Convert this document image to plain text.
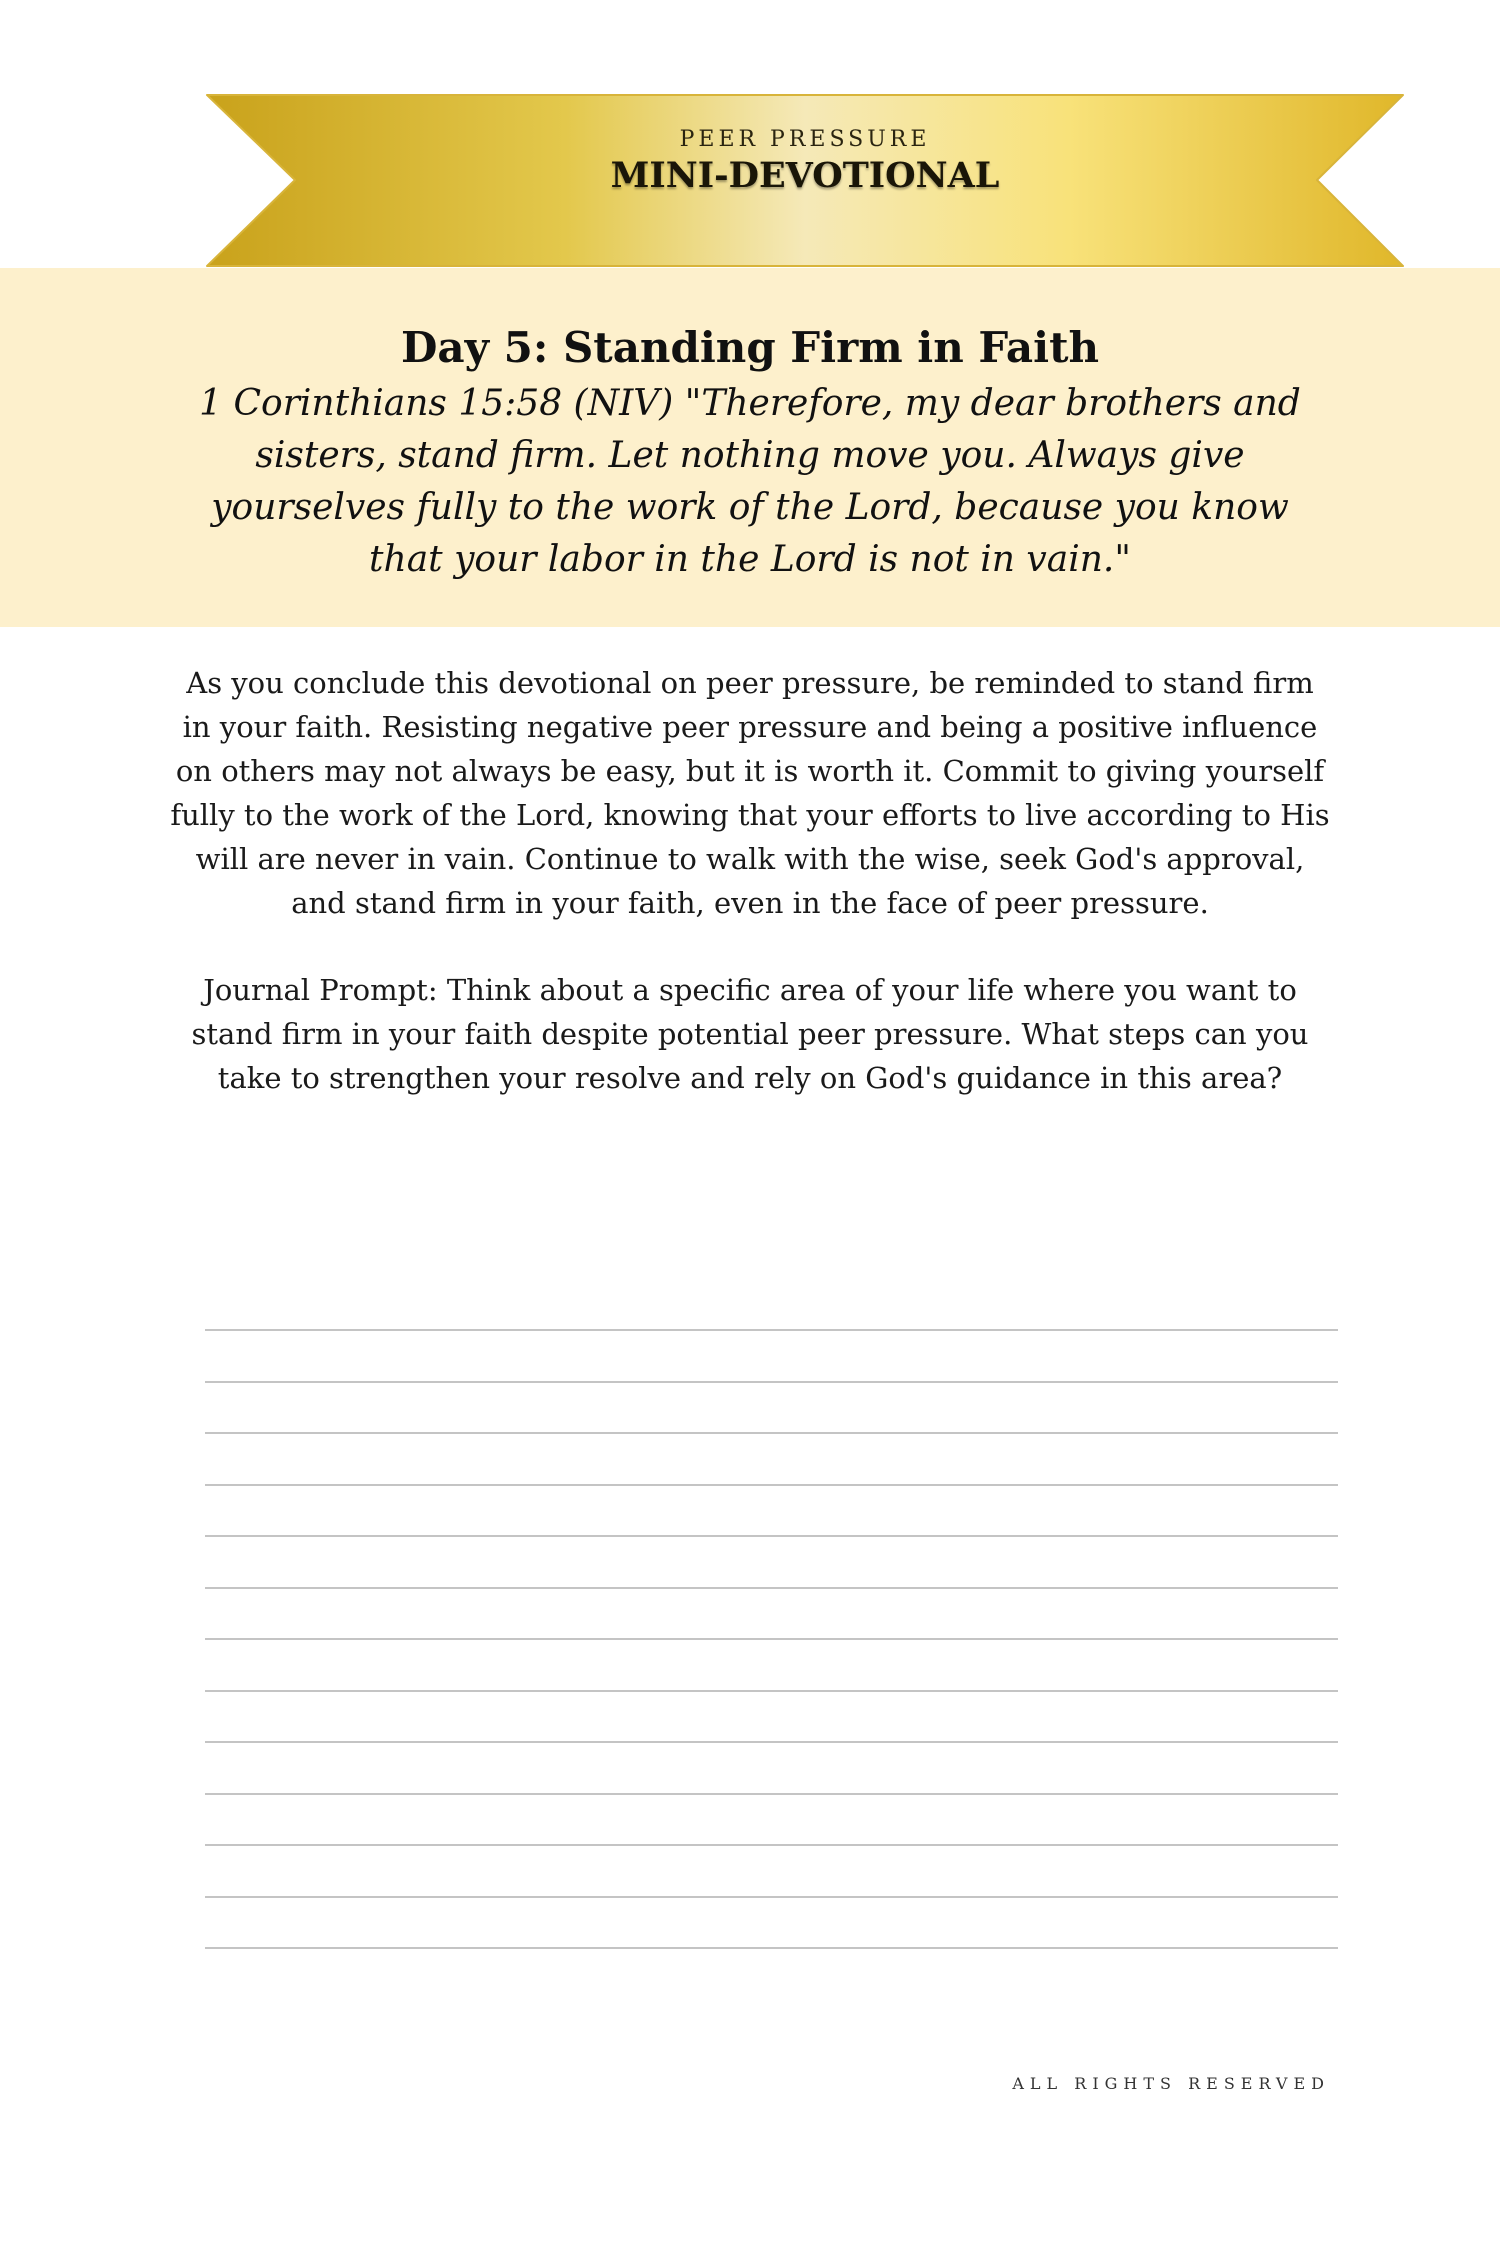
PEER PRESSURE
MINI-DEVOTIONAL
Day 5: Standing Firm in Faith

1 Corinthians 15:58 (NIV) "Therefore, my dear brothers and sisters, stand firm. Let nothing move you. Always give yourselves fully to the work of the Lord, because you know that your labor in the Lord is not in vain."

As you conclude this devotional on peer pressure, be reminded to stand firm in your faith. Resisting negative peer pressure and being a positive influence on others may not always be easy, but it is worth it. Commit to giving yourself fully to the work of the Lord, knowing that your efforts to live according to His will are never in vain. Continue to walk with the wise, seek God's approval, and stand firm in your faith, even in the face of peer pressure.

Journal Prompt: Think about a specific area of your life where you want to stand firm in your faith despite potential peer pressure. What steps can you take to strengthen your resolve and rely on God's guidance in this area?

ALL RIGHTS RESERVED
